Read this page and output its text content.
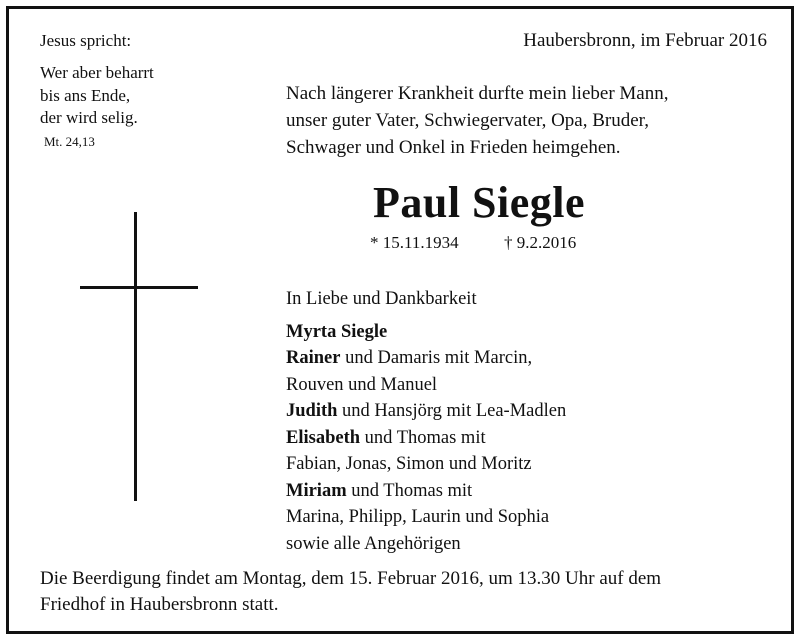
Jesus spricht:
Wer aber beharrt
bis ans Ende,
der wird selig.
Mt. 24,13
Haubersbronn, im Februar 2016
Nach längerer Krankheit durfte mein lieber Mann,
unser guter Vater, Schwiegervater, Opa, Bruder,
Schwager und Onkel in Frieden heimgehen.
Paul Siegle
* 15.11.1934	† 9.2.2016
In Liebe und Dankbarkeit
Myrta Siegle
Rainer und Damaris mit Marcin,
Rouven und Manuel
Judith und Hansjörg mit Lea-Madlen
Elisabeth und Thomas mit
Fabian, Jonas, Simon und Moritz
Miriam und Thomas mit
Marina, Philipp, Laurin und Sophia
sowie alle Angehörigen
Die Beerdigung findet am Montag, dem 15. Februar 2016, um 13.30 Uhr auf dem
Friedhof in Haubersbronn statt.
